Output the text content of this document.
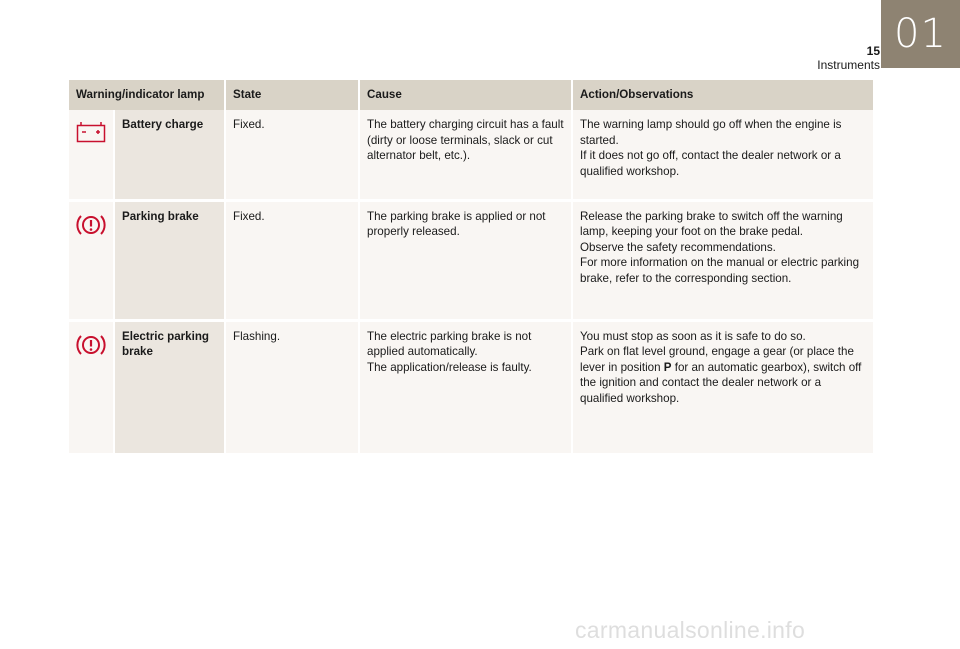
01
15
Instruments
Warning/indicator lamp		State	Cause	Action/Observations
	Battery charge	Fixed.	The battery charging circuit has a fault (dirty or loose terminals, slack or cut alternator belt, etc.).	The warning lamp should go off when the engine is started.
If it does not go off, contact the dealer network or a qualified workshop.

	Parking brake	Fixed.	The parking brake is applied or not properly released.	Release the parking brake to switch off the warning lamp, keeping your foot on the brake pedal.
Observe the safety recommendations.
For more information on the manual or electric parking brake, refer to the corresponding section.

	Electric parking brake	Flashing.	The electric parking brake is not applied automatically.
The application/release is faulty.	You must stop as soon as it is safe to do so.
Park on flat level ground, engage a gear (or place the lever in position P for an automatic gearbox), switch off the ignition and contact the dealer network or a qualified workshop.
carmanualsonline.info
